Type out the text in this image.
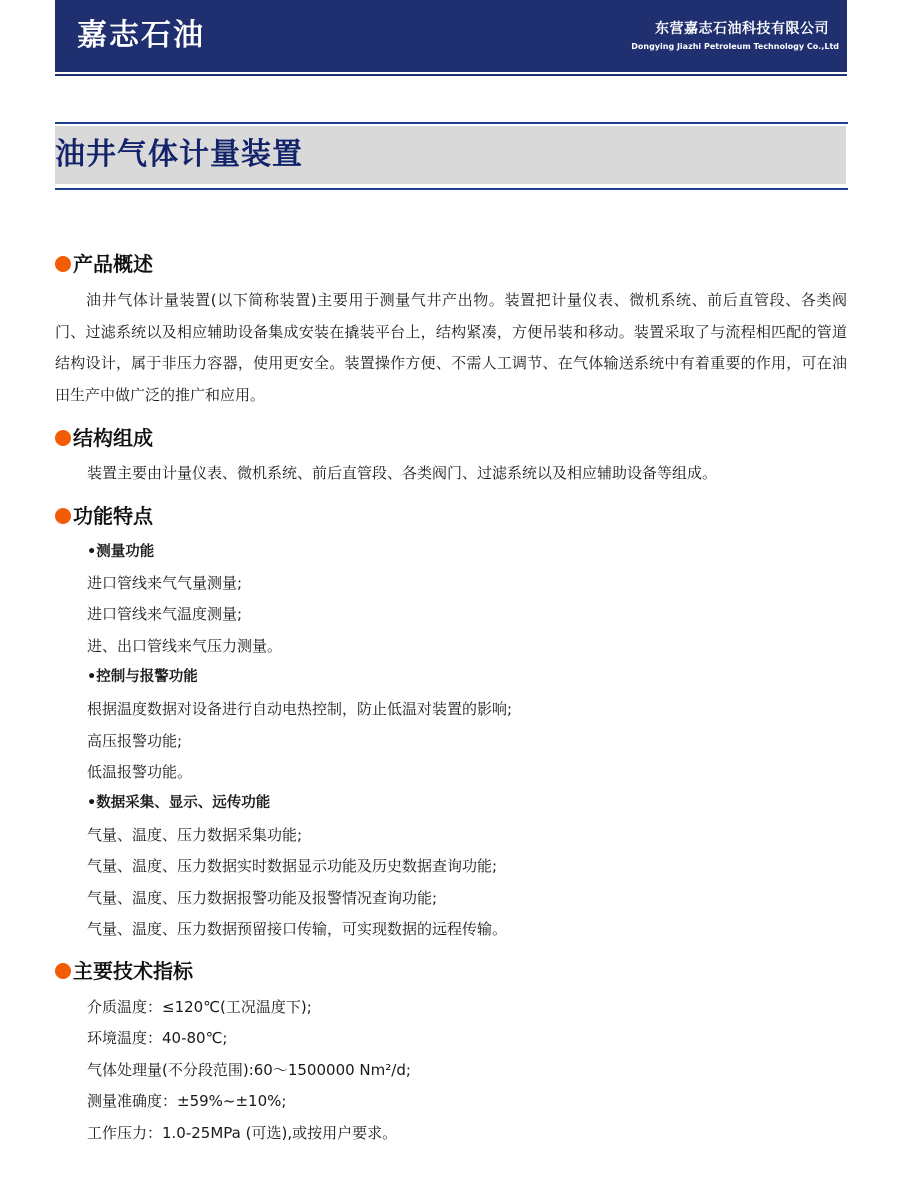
嘉志石油	东营嘉志石油科技有限公司
Dongying Jiazhi Petroleum Technology Co.,Ltd
油井气体计量装置
产品概述
油井气体计量装置(以下简称装置)主要用于测量气井产出物。装置把计量仪表、微机系统、前后直管段、各类阀门、过滤系统以及相应辅助设备集成安装在撬装平台上，结构紧凑，方便吊装和移动。装置采取了与流程相匹配的管道结构设计，属于非压力容器，使用更安全。装置操作方便、不需人工调节、在气体输送系统中有着重要的作用，可在油田生产中做广泛的推广和应用。
结构组成
装置主要由计量仪表、微机系统、前后直管段、各类阀门、过滤系统以及相应辅助设备等组成。
功能特点
•测量功能
进口管线来气气量测量;
进口管线来气温度测量;
进、出口管线来气压力测量。
•控制与报警功能
根据温度数据对设备进行自动电热控制，防止低温对装置的影响;
高压报警功能;
低温报警功能。
•数据采集、显示、远传功能
气量、温度、压力数据采集功能;
气量、温度、压力数据实时数据显示功能及历史数据查询功能;
气量、温度、压力数据报警功能及报警情况查询功能;
气量、温度、压力数据预留接口传输，可实现数据的远程传输。
主要技术指标
介质温度：≤120℃(工况温度下);
环境温度：40-80℃;
气体处理量(不分段范围):60～1500000 Nm²/d;
测量准确度：±59%~±10%;
工作压力：1.0-25MPa (可选),或按用户要求。
